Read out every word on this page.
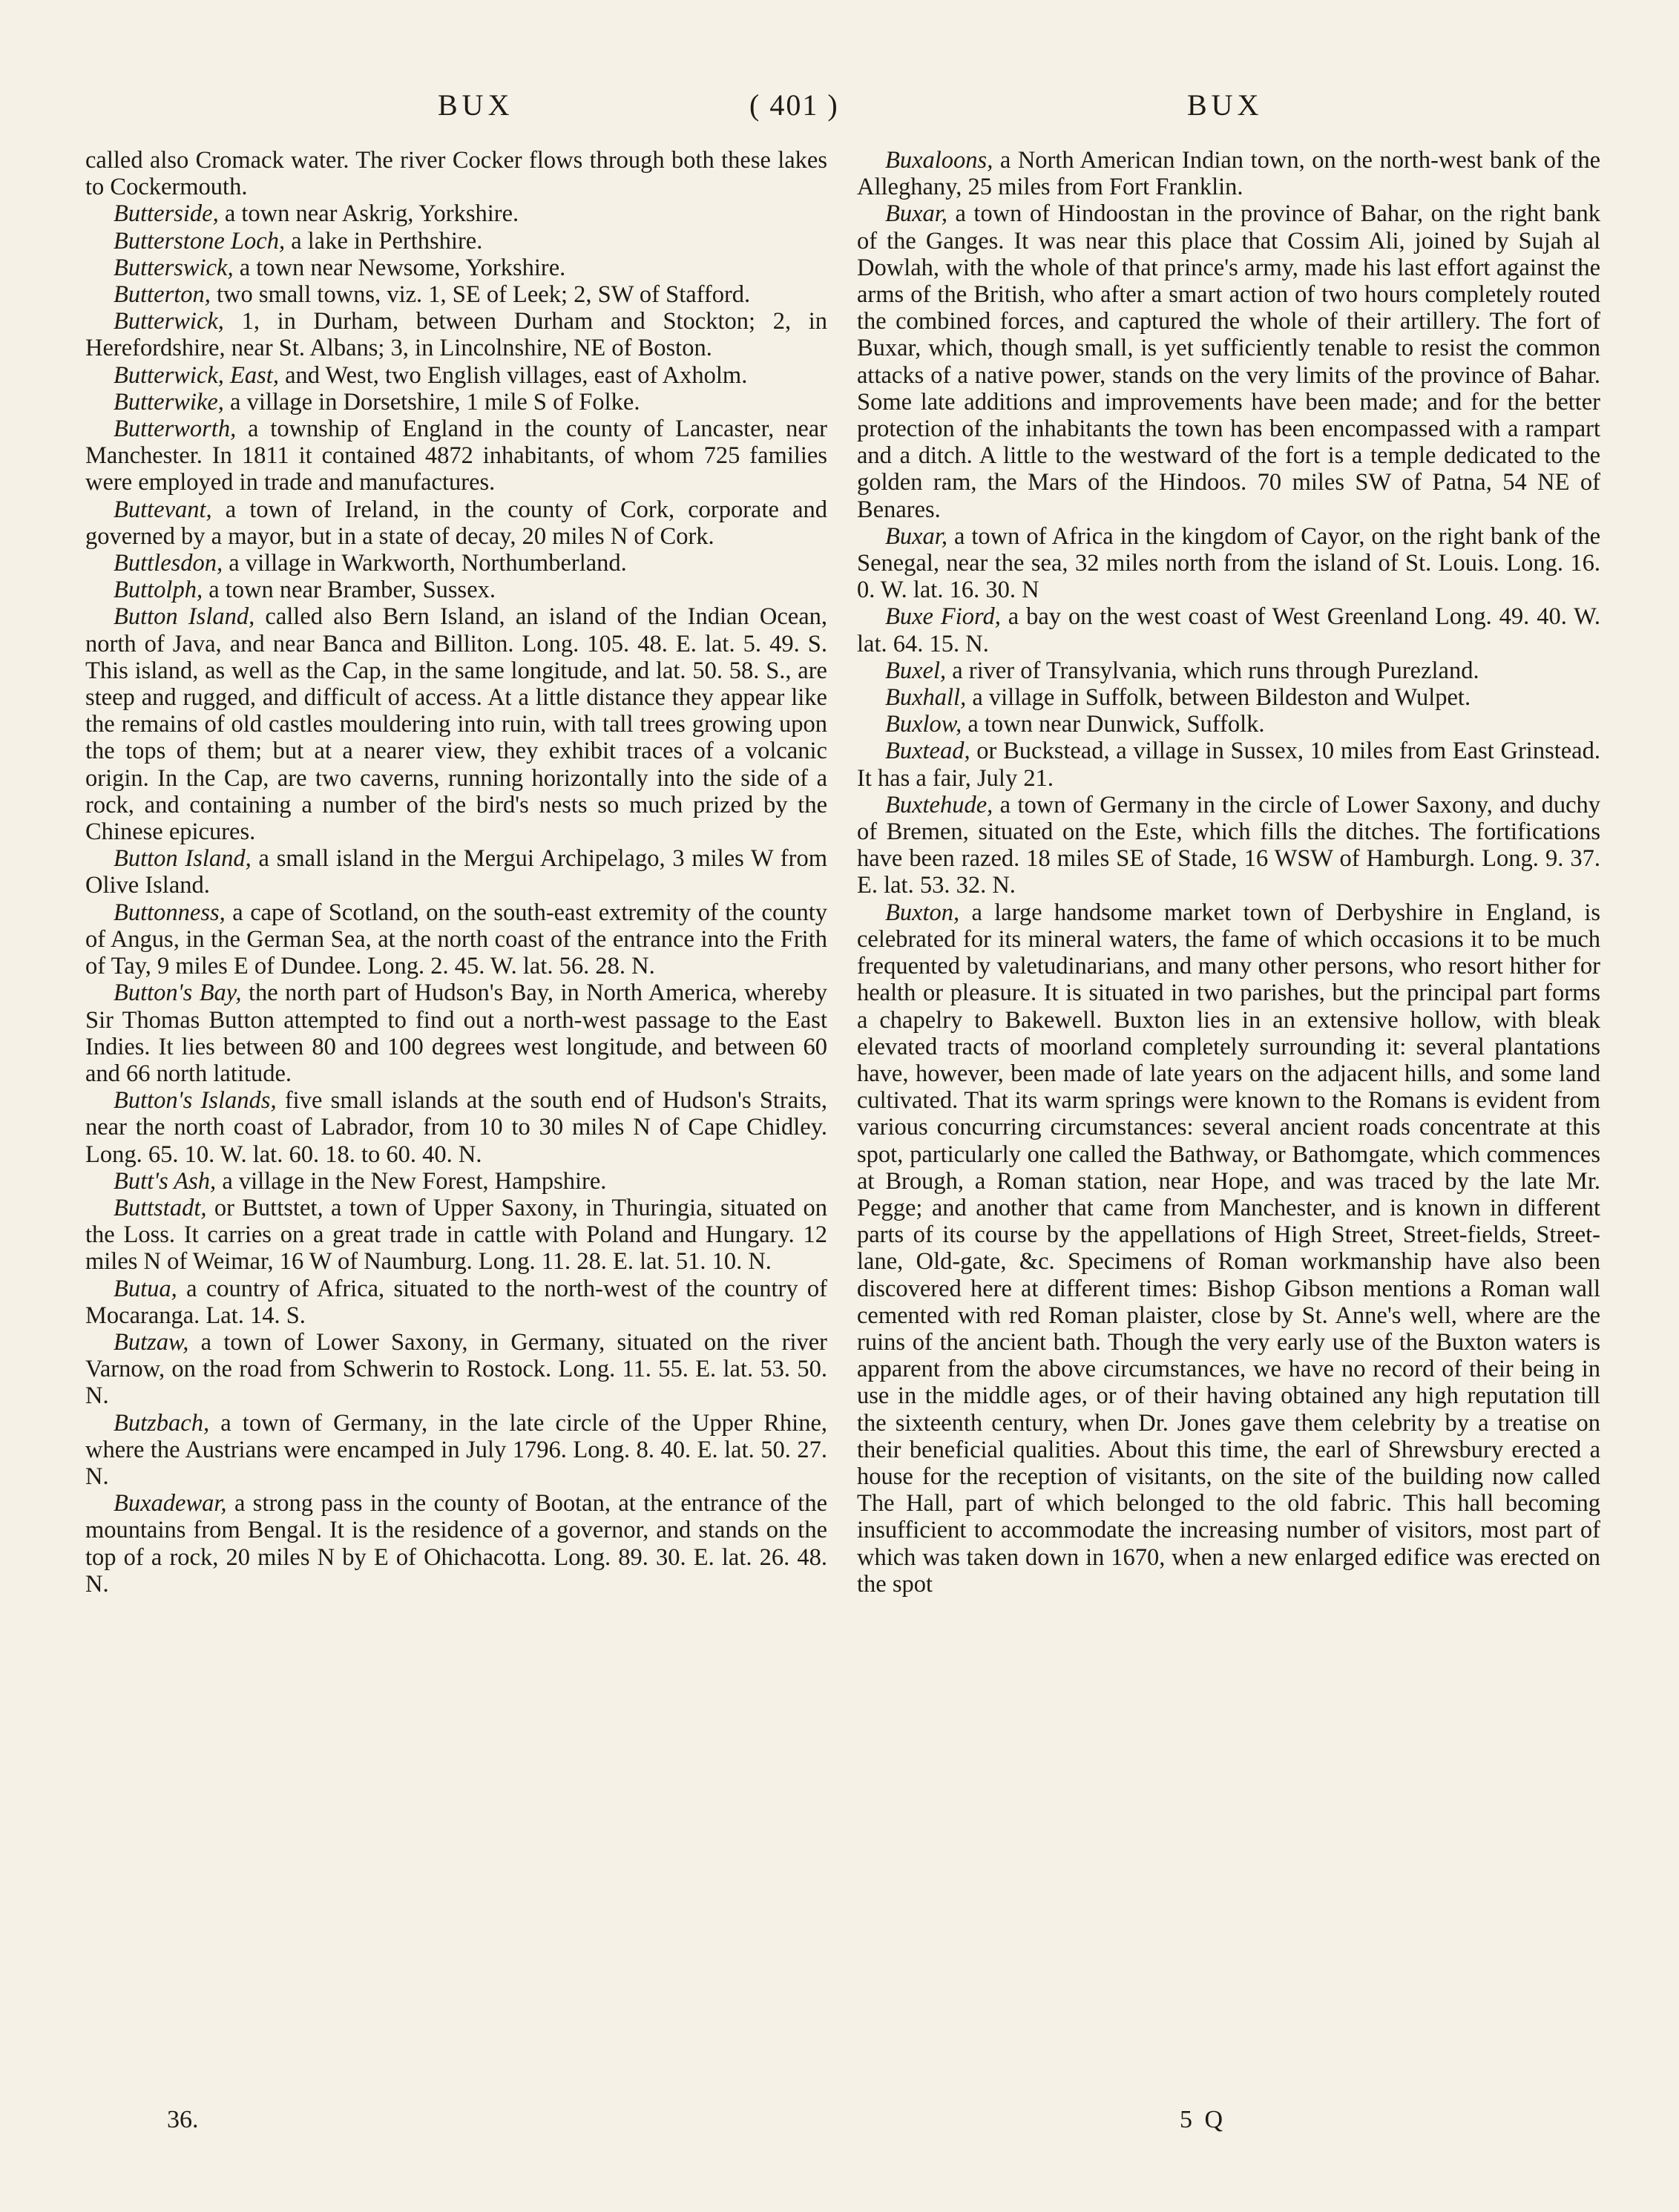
BUX	( 401 )	BUX

called also Cromack water. The river Cocker flows through both these lakes to Cockermouth.

Butterside, a town near Askrig, Yorkshire.

Butterstone Loch, a lake in Perthshire.

Butterswick, a town near Newsome, Yorkshire.

Butterton, two small towns, viz. 1, SE of Leek; 2, SW of Stafford.

Butterwick, 1, in Durham, between Durham and Stockton; 2, in Herefordshire, near St. Albans; 3, in Lincolnshire, NE of Boston.

Butterwick, East, and West, two English villages, east of Axholm.

Butterwike, a village in Dorsetshire, 1 mile S of Folke.

Butterworth, a township of England in the county of Lancaster, near Manchester. In 1811 it contained 4872 inhabitants, of whom 725 families were employed in trade and manufactures.

Buttevant, a town of Ireland, in the county of Cork, corporate and governed by a mayor, but in a state of decay, 20 miles N of Cork.

Buttlesdon, a village in Warkworth, Northumberland.

Buttolph, a town near Bramber, Sussex.

Button Island, called also Bern Island, an island of the Indian Ocean, north of Java, and near Banca and Billiton. Long. 105. 48. E. lat. 5. 49. S. This island, as well as the Cap, in the same longitude, and lat. 50. 58. S., are steep and rugged, and difficult of access. At a little distance they appear like the remains of old castles mouldering into ruin, with tall trees growing upon the tops of them; but at a nearer view, they exhibit traces of a volcanic origin. In the Cap, are two caverns, running horizontally into the side of a rock, and containing a number of the bird's nests so much prized by the Chinese epicures.

Button Island, a small island in the Mergui Archipelago, 3 miles W from Olive Island.

Buttonness, a cape of Scotland, on the south-east extremity of the county of Angus, in the German Sea, at the north coast of the entrance into the Frith of Tay, 9 miles E of Dundee. Long. 2. 45. W. lat. 56. 28. N.

Button's Bay, the north part of Hudson's Bay, in North America, whereby Sir Thomas Button attempted to find out a north-west passage to the East Indies. It lies between 80 and 100 degrees west longitude, and between 60 and 66 north latitude.

Button's Islands, five small islands at the south end of Hudson's Straits, near the north coast of Labrador, from 10 to 30 miles N of Cape Chidley. Long. 65. 10. W. lat. 60. 18. to 60. 40. N.

Butt's Ash, a village in the New Forest, Hampshire.

Buttstadt, or Buttstet, a town of Upper Saxony, in Thuringia, situated on the Loss. It carries on a great trade in cattle with Poland and Hungary. 12 miles N of Weimar, 16 W of Naumburg. Long. 11. 28. E. lat. 51. 10. N.

Butua, a country of Africa, situated to the north-west of the country of Mocaranga. Lat. 14. S.

Butzaw, a town of Lower Saxony, in Germany, situated on the river Varnow, on the road from Schwerin to Rostock. Long. 11. 55. E. lat. 53. 50. N.

Butzbach, a town of Germany, in the late circle of the Upper Rhine, where the Austrians were encamped in July 1796. Long. 8. 40. E. lat. 50. 27. N.

Buxadewar, a strong pass in the county of Bootan, at the entrance of the mountains from Bengal. It is the residence of a governor, and stands on the top of a rock, 20 miles N by E of Ohichacotta. Long. 89. 30. E. lat. 26. 48. N.

Buxaloons, a North American Indian town, on the north-west bank of the Alleghany, 25 miles from Fort Franklin.

Buxar, a town of Hindoostan in the province of Bahar, on the right bank of the Ganges. It was near this place that Cossim Ali, joined by Sujah al Dowlah, with the whole of that prince's army, made his last effort against the arms of the British, who after a smart action of two hours completely routed the combined forces, and captured the whole of their artillery. The fort of Buxar, which, though small, is yet sufficiently tenable to resist the common attacks of a native power, stands on the very limits of the province of Bahar. Some late additions and improvements have been made; and for the better protection of the inhabitants the town has been encompassed with a rampart and a ditch. A little to the westward of the fort is a temple dedicated to the golden ram, the Mars of the Hindoos. 70 miles SW of Patna, 54 NE of Benares.

Buxar, a town of Africa in the kingdom of Cayor, on the right bank of the Senegal, near the sea, 32 miles north from the island of St. Louis. Long. 16. 0. W. lat. 16. 30. N

Buxe Fiord, a bay on the west coast of West Greenland Long. 49. 40. W. lat. 64. 15. N.

Buxel, a river of Transylvania, which runs through Purezland.

Buxhall, a village in Suffolk, between Bildeston and Wulpet.

Buxlow, a town near Dunwick, Suffolk.

Buxtead, or Buckstead, a village in Sussex, 10 miles from East Grinstead. It has a fair, July 21.

Buxtehude, a town of Germany in the circle of Lower Saxony, and duchy of Bremen, situated on the Este, which fills the ditches. The fortifications have been razed. 18 miles SE of Stade, 16 WSW of Hamburgh. Long. 9. 37. E. lat. 53. 32. N.

Buxton, a large handsome market town of Derbyshire in England, is celebrated for its mineral waters, the fame of which occasions it to be much frequented by valetudinarians, and many other persons, who resort hither for health or pleasure. It is situated in two parishes, but the principal part forms a chapelry to Bakewell. Buxton lies in an extensive hollow, with bleak elevated tracts of moorland completely surrounding it: several plantations have, however, been made of late years on the adjacent hills, and some land cultivated. That its warm springs were known to the Romans is evident from various concurring circumstances: several ancient roads concentrate at this spot, particularly one called the Bathway, or Bathomgate, which commences at Brough, a Roman station, near Hope, and was traced by the late Mr. Pegge; and another that came from Manchester, and is known in different parts of its course by the appellations of High Street, Street-fields, Street-lane, Old-gate, &c. Specimens of Roman workmanship have also been discovered here at different times: Bishop Gibson mentions a Roman wall cemented with red Roman plaister, close by St. Anne's well, where are the ruins of the ancient bath. Though the very early use of the Buxton waters is apparent from the above circumstances, we have no record of their being in use in the middle ages, or of their having obtained any high reputation till the sixteenth century, when Dr. Jones gave them celebrity by a treatise on their beneficial qualities. About this time, the earl of Shrewsbury erected a house for the reception of visitants, on the site of the building now called The Hall, part of which belonged to the old fabric. This hall becoming insufficient to accommodate the increasing number of visitors, most part of which was taken down in 1670, when a new enlarged edifice was erected on the spot

36.	5 Q
